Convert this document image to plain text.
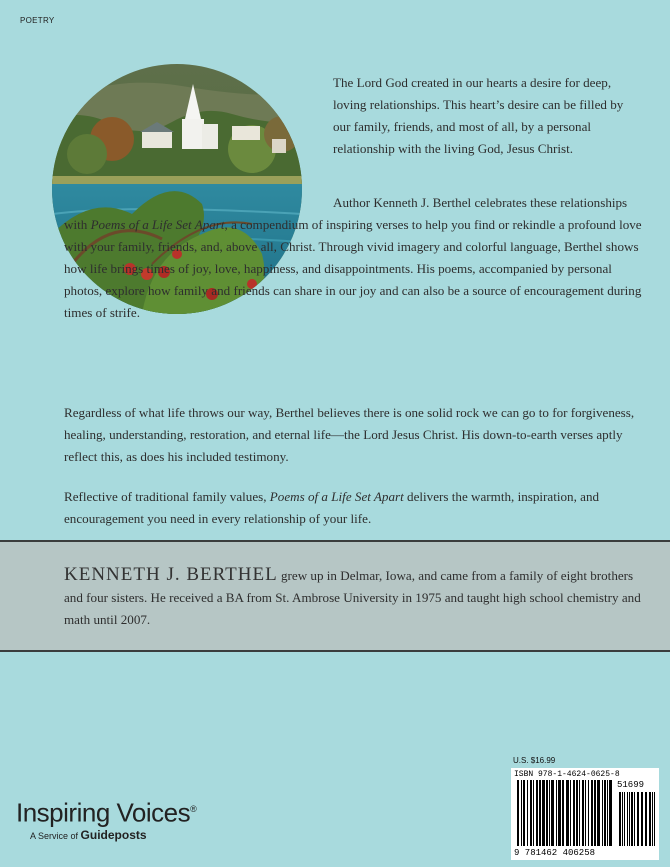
POETRY

The Lord God created in our hearts a desire for deep, loving relationships. This heart’s desire can be filled by our family, friends, and most of all, by a personal relationship with the living God, Jesus Christ.

Author Kenneth J. Berthel celebrates these relationships with Poems of a Life Set Apart, a compendium of inspiring verses to help you find or rekindle a profound love with your family, friends, and, above all, Christ. Through vivid imagery and colorful language, Berthel shows how life brings times of joy, love, happiness, and disappointments. His poems, accompanied by personal photos, explore how family and friends can share in our joy and can also be a source of encouragement during times of strife.

Regardless of what life throws our way, Berthel believes there is one solid rock we can go to for forgiveness, healing, understanding, restoration, and eternal life—the Lord Jesus Christ. His down-to-earth verses aptly reflect this, as does his included testimony.

Reflective of traditional family values, Poems of a Life Set Apart delivers the warmth, inspiration, and encouragement you need in every relationship of your life.

KENNETH J. BERTHEL grew up in Delmar, Iowa, and came from a family of eight brothers and four sisters. He received a BA from St. Ambrose University in 1975 and taught high school chemistry and math until 2007.

Inspiring Voices®
A Service of Guideposts
U.S. $16.99
ISBN 978-1-4624-0625-8
51699
9 781462 406258
